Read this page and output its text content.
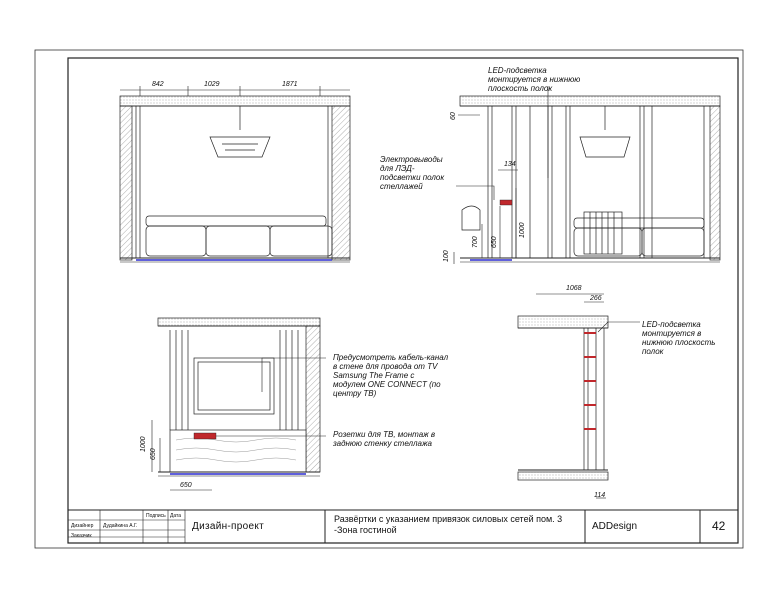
842	1029	1871
LED-подсветка
монтируется в нижнюю
плоскость полок
Электровыводы
для ЛЭД-
подсветки полок
стеллажей
60
134
700 650
1000
100
Предусмотреть кабель-канал
в стене для провода от TV
Samsung The Frame с
модулем ONE CONNECT (по
центру TB)
Розетки для ТВ, монтаж в
заднюю стенку стеллажа
1000
650
650
LED-подсветка
монтируется в
нижнюю плоскость
полок
1068
266
114
Подпись Дата
Дизайнер Дудайкина А.Г.
Заказчик
Дизайн-проект
Развёртки с указанием привязок силовых сетей пом. 3
-Зона гостиной	ADDesign	42
